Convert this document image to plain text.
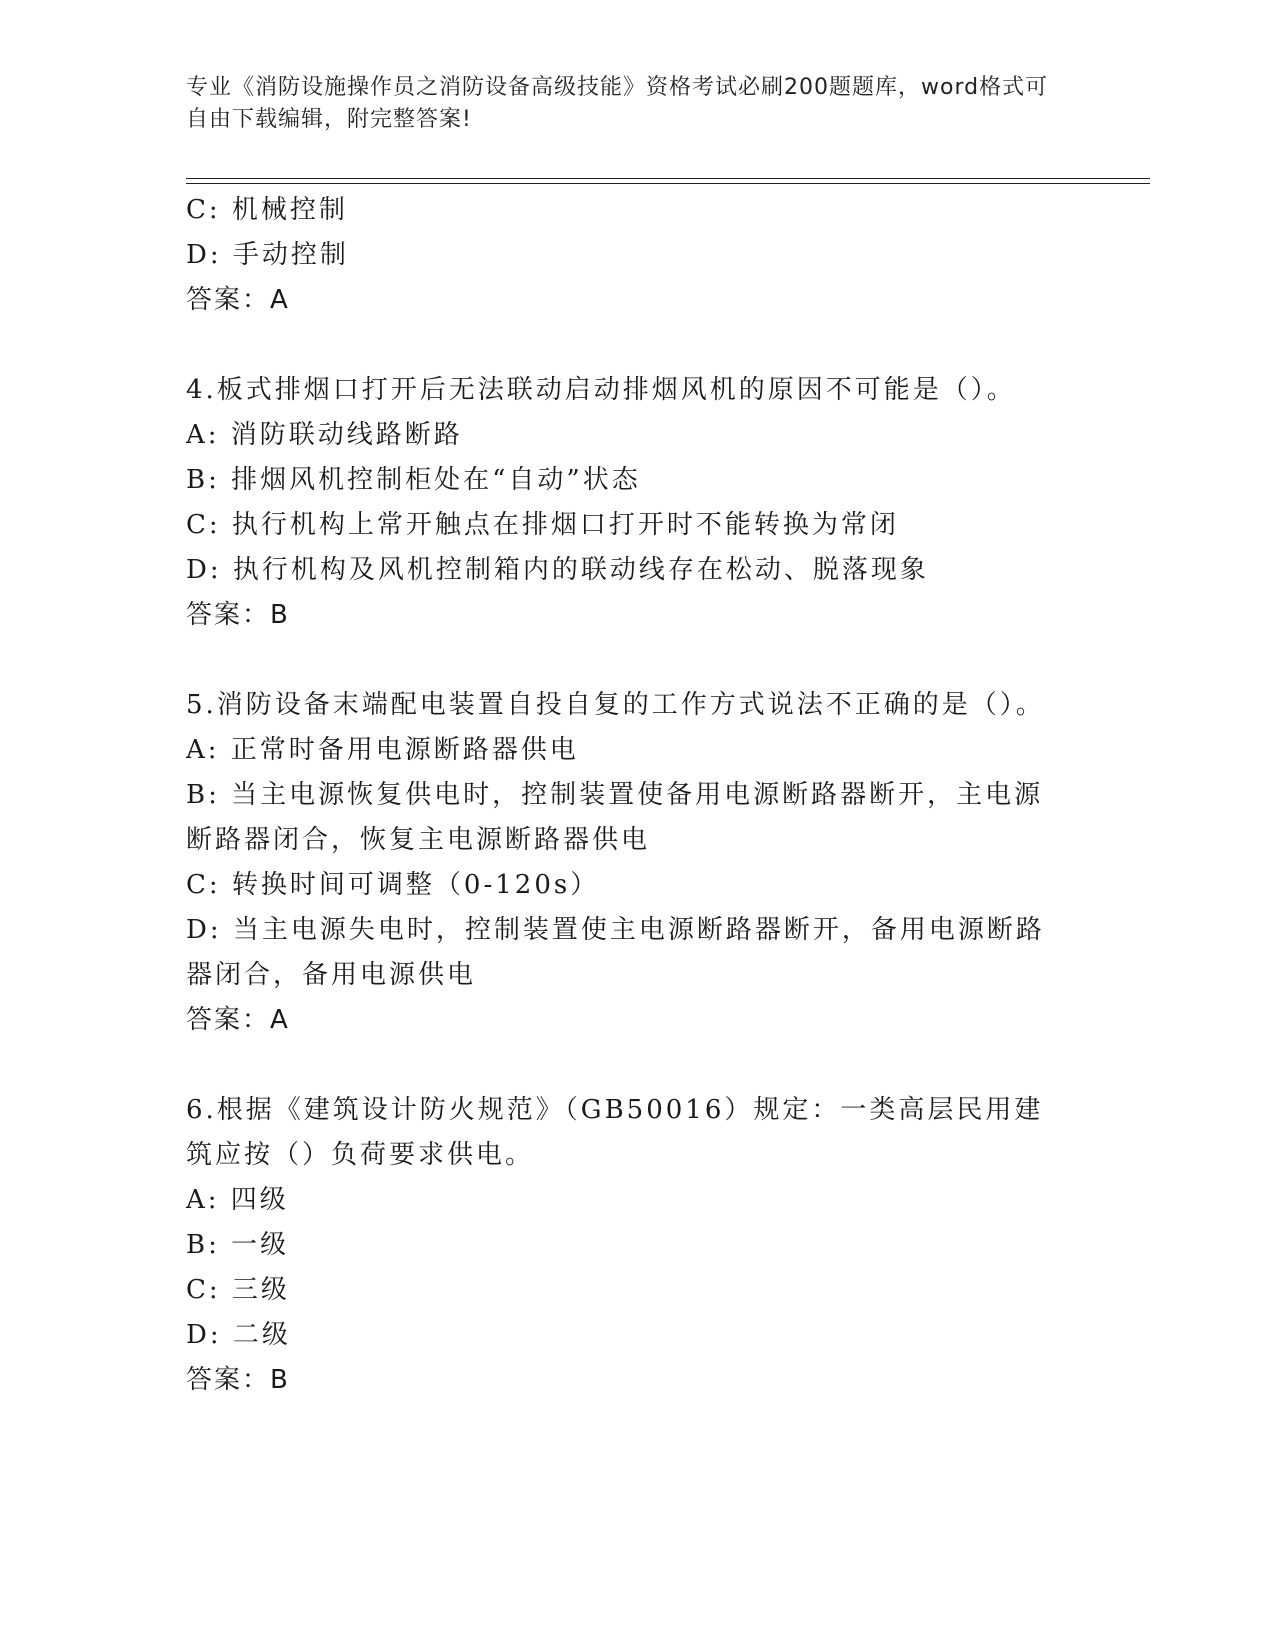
专业《消防设施操作员之消防设备高级技能》资格考试必刷200题题库，word格式可自由下载编辑，附完整答案!
C: 机械控制
D: 手动控制
答案：A
4.板式排烟口打开后无法联动启动排烟风机的原因不可能是（）。
A: 消防联动线路断路
B: 排烟风机控制柜处在“自动”状态
C: 执行机构上常开触点在排烟口打开时不能转换为常闭
D: 执行机构及风机控制箱内的联动线存在松动、脱落现象
答案：B
5.消防设备末端配电装置自投自复的工作方式说法不正确的是（）。
A: 正常时备用电源断路器供电
B: 当主电源恢复供电时，控制装置使备用电源断路器断开，主电源断路器闭合，恢复主电源断路器供电
C: 转换时间可调整（0-120s）
D: 当主电源失电时，控制装置使主电源断路器断开，备用电源断路器闭合，备用电源供电
答案：A
6.根据《建筑设计防火规范》（GB50016）规定：一类高层民用建筑应按（）负荷要求供电。
A: 四级
B: 一级
C: 三级
D: 二级
答案：B
